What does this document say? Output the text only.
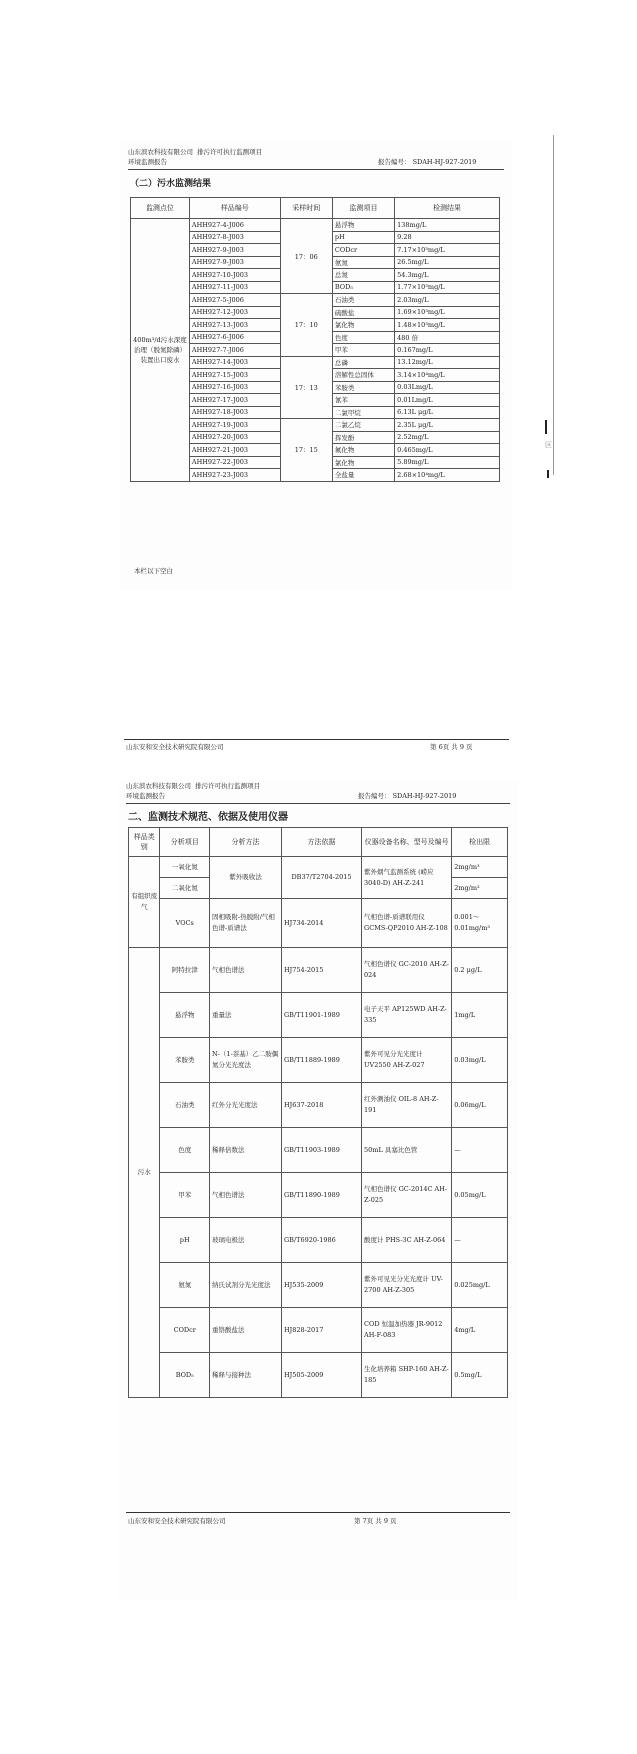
山东滨农科技有限公司 排污许可执行监测项目
环境监测报告	报告编号： SDAH-HJ-927-2019
（二）污水监测结果
监测点位	样品编号	采样时间	监测项目	检测结果
400m³/d污水深度治理（脱氮除磷）装置出口废水	AHH927-4-J006	17：06	悬浮物	138mg/L
	AHH927-8-J003		pH	9.28
	AHH927-9-J003		CODcr	7.17×10³mg/L
	AHH927-9-J003		氨氮	26.5mg/L
	AHH927-10-J003		总氮	54.3mg/L
	AHH927-11-J003		BOD₅	1.77×10³mg/L
	AHH927-5-J006	17：10	石油类	2.03mg/L
	AHH927-12-J003		硫酸盐	1.69×10³mg/L
	AHH927-13-J003		氯化物	1.48×10³mg/L
	AHH927-6-J006		色度	480 倍
	AHH927-7-J006		甲苯	0.167mg/L
	AHH927-14-J003	17：13	总磷	13.12mg/L
	AHH927-15-J003		溶解性总固体	3.14×10⁴mg/L
	AHH927-16-J003		苯胺类	0.03Lmg/L
	AHH927-17-J003		氰苯	0.01Lmg/L
	AHH927-18-J003		二氯甲烷	6.13L μg/L
	AHH927-19-J003	17：15	二氯乙烷	2.35L μg/L
	AHH927-20-J003		挥发酚	2.52mg/L
	AHH927-21-J003		氟化物	0.465mg/L
	AHH927-22-J003		氯化物	5.89mg/L
	AHH927-23-J003		全盐量	2.68×10⁴mg/L
本栏以下空白
山东安和安全技术研究院有限公司	第 6页 共 9 页
区
山东滨农科技有限公司 排污许可执行监测项目
环境监测报告	报告编号： SDAH-HJ-927-2019
二、监测技术规范、依据及使用仪器
样品类别	分析项目	分析方法	方法依据	仪器设备名称、型号及编号	检出限
有组织废气	一氧化氮	紫外吸收法	DB37/T2704-2015	紫外烟气监测系统 (崂应 3040-D) AH-Z-241	2mg/m³
	二氧化氮				2mg/m³
	VOCs	固相吸附-热脱附/气相色谱-质谱法	HJ734-2014	气相色谱-质谱联用仪 GCMS-QP2010 AH-Z-108	0.001～0.01mg/m³
污水	阿特拉津	气相色谱法	HJ754-2015	气相色谱仪 GC-2010 AH-Z-024	0.2 μg/L
	悬浮物	重量法	GB/T11901-1989	电子天平 AP125WD AH-Z-335	1mg/L
	苯胺类	N-（1-萘基）乙二胺偶氮分光光度法	GB/T11889-1989	紫外可见分光光度计 UV2550 AH-Z-027	0.03mg/L
	石油类	红外分光光度法	HJ637-2018	红外测油仪 OIL-8 AH-Z-191	0.06mg/L
	色度	稀释倍数法	GB/T11903-1989	50mL 具塞比色管	—
	甲苯	气相色谱法	GB/T11890-1989	气相色谱仪 GC-2014C AH-Z-025	0.05mg/L
	pH	玻璃电极法	GB/T6920-1986	酸度计 PHS-3C AH-Z-064	—
	氨氮	纳氏试剂分光光度法	HJ535-2009	紫外可见光分光光度计 UV-2700 AH-Z-305	0.025mg/L
	CODcr	重铬酸盐法	HJ828-2017	COD 恒温加热器 JR-9012 AH-F-083	4mg/L
	BOD₅	稀释与接种法	HJ505-2009	生化培养箱 SHP-160 AH-Z-185	0.5mg/L
山东安和安全技术研究院有限公司	第 7页 共 9 页
